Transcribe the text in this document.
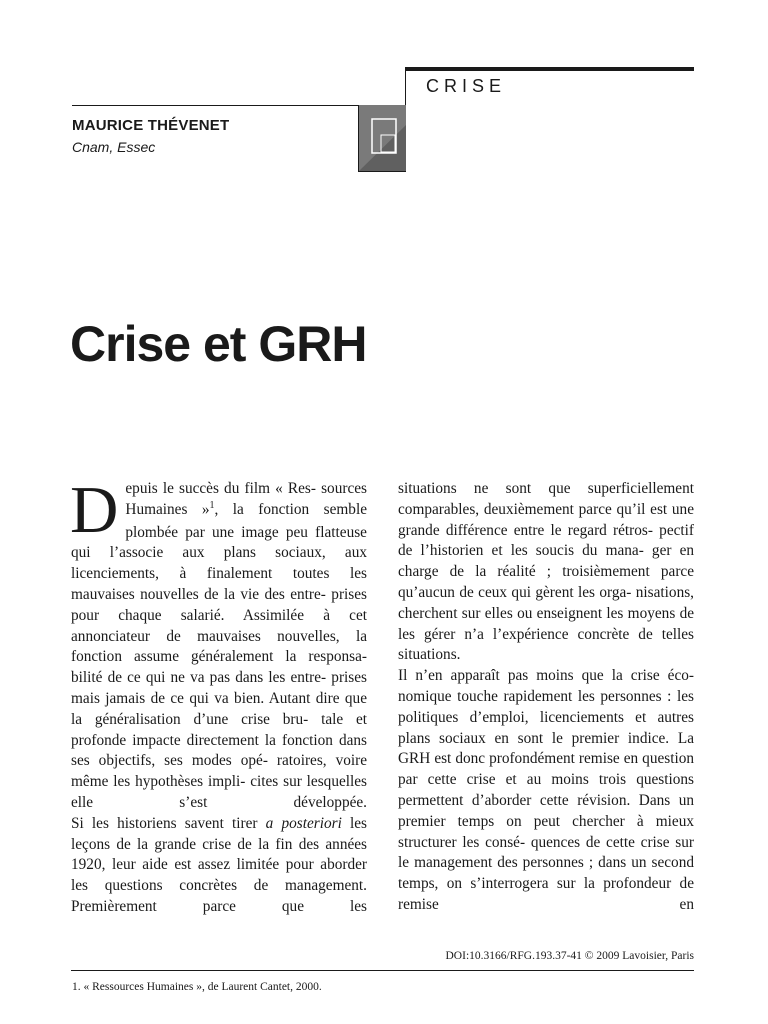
CRISE
MAURICE THÉVENET
Cnam, Essec
Crise et GRH

D epuis le succès du film « Res- sources Humaines »$^1$, la fonction semble plombée par une image peu flatteuse qui l’associe aux plans sociaux, aux licenciements, à finalement toutes les mauvaises nouvelles de la vie des entre- prises pour chaque salarié. Assimilée à cet annonciateur de mauvaises nouvelles, la fonction assume généralement la responsa- bilité de ce qui ne va pas dans les entre- prises mais jamais de ce qui va bien. Autant dire que la généralisation d’une crise bru- tale et profonde impacte directement la fonction dans ses objectifs, ses modes opé- ratoires, voire même les hypothèses impli- cites sur lesquelles elle s’est développée.

Si les historiens savent tirer a posteriori les leçons de la grande crise de la fin des années 1920, leur aide est assez limitée pour aborder les questions concrètes de management. Premièrement parce que les

situations ne sont que superficiellement comparables, deuxièmement parce qu’il est une grande différence entre le regard rétros- pectif de l’historien et les soucis du mana- ger en charge de la réalité ; troisièmement parce qu’aucun de ceux qui gèrent les orga- nisations, cherchent sur elles ou enseignent les moyens de les gérer n’a l’expérience concrète de telles situations.

Il n’en apparaît pas moins que la crise éco- nomique touche rapidement les personnes : les politiques d’emploi, licenciements et autres plans sociaux en sont le premier indice. La GRH est donc profondément remise en question par cette crise et au moins trois questions permettent d’aborder cette révision. Dans un premier temps on peut chercher à mieux structurer les consé- quences de cette crise sur le management des personnes ; dans un second temps, on s’interrogera sur la profondeur de remise en

DOI:10.3166/RFG.193.37-41 © 2009 Lavoisier, Paris
1. « Ressources Humaines », de Laurent Cantet, 2000.
